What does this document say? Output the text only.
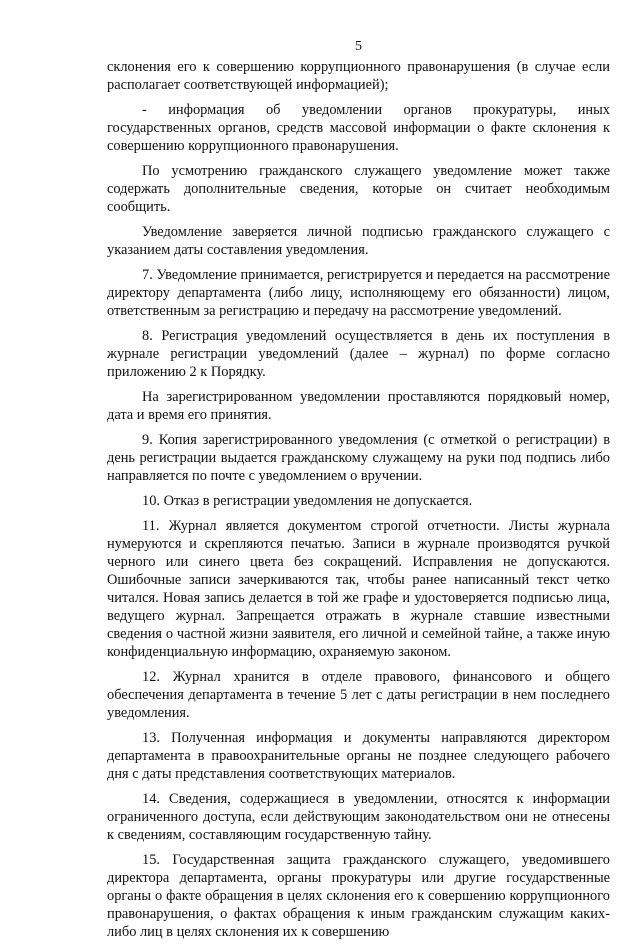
5

склонения его к совершению коррупционного правонарушения (в случае если располагает соответствующей информацией);

- информация об уведомлении органов прокуратуры, иных государственных органов, средств массовой информации о факте склонения к совершению коррупционного правонарушения.

По усмотрению гражданского служащего уведомление может также содержать дополнительные сведения, которые он считает необходимым сообщить.

Уведомление заверяется личной подписью гражданского служащего с указанием даты составления уведомления.

7. Уведомление принимается, регистрируется и передается на рассмотрение директору департамента (либо лицу, исполняющему его обязанности) лицом, ответственным за регистрацию и передачу на рассмотрение уведомлений.

8. Регистрация уведомлений осуществляется в день их поступления в журнале регистрации уведомлений (далее – журнал) по форме согласно приложению 2 к Порядку.

На зарегистрированном уведомлении проставляются порядковый номер, дата и время его принятия.

9. Копия зарегистрированного уведомления (с отметкой о регистрации) в день регистрации выдается гражданскому служащему на руки под подпись либо направляется по почте с уведомлением о вручении.

10. Отказ в регистрации уведомления не допускается.

11. Журнал является документом строгой отчетности. Листы журнала нумеруются и скрепляются печатью. Записи в журнале производятся ручкой черного или синего цвета без сокращений. Исправления не допускаются. Ошибочные записи зачеркиваются так, чтобы ранее написанный текст четко читался. Новая запись делается в той же графе и удостоверяется подписью лица, ведущего журнал. Запрещается отражать в журнале ставшие известными сведения о частной жизни заявителя, его личной и семейной тайне, а также иную конфиденциальную информацию, охраняемую законом.

12. Журнал хранится в отделе правового, финансового и общего обеспечения департамента в течение 5 лет с даты регистрации в нем последнего уведомления.

13. Полученная информация и документы направляются директором департамента в правоохранительные органы не позднее следующего рабочего дня с даты представления соответствующих материалов.

14. Сведения, содержащиеся в уведомлении, относятся к информации ограниченного доступа, если действующим законодательством они не отнесены к сведениям, составляющим государственную тайну.

15. Государственная защита гражданского служащего, уведомившего директора департамента, органы прокуратуры или другие государственные органы о факте обращения в целях склонения его к совершению коррупционного правонарушения, о фактах обращения к иным гражданским служащим каких-либо лиц в целях склонения их к совершению
